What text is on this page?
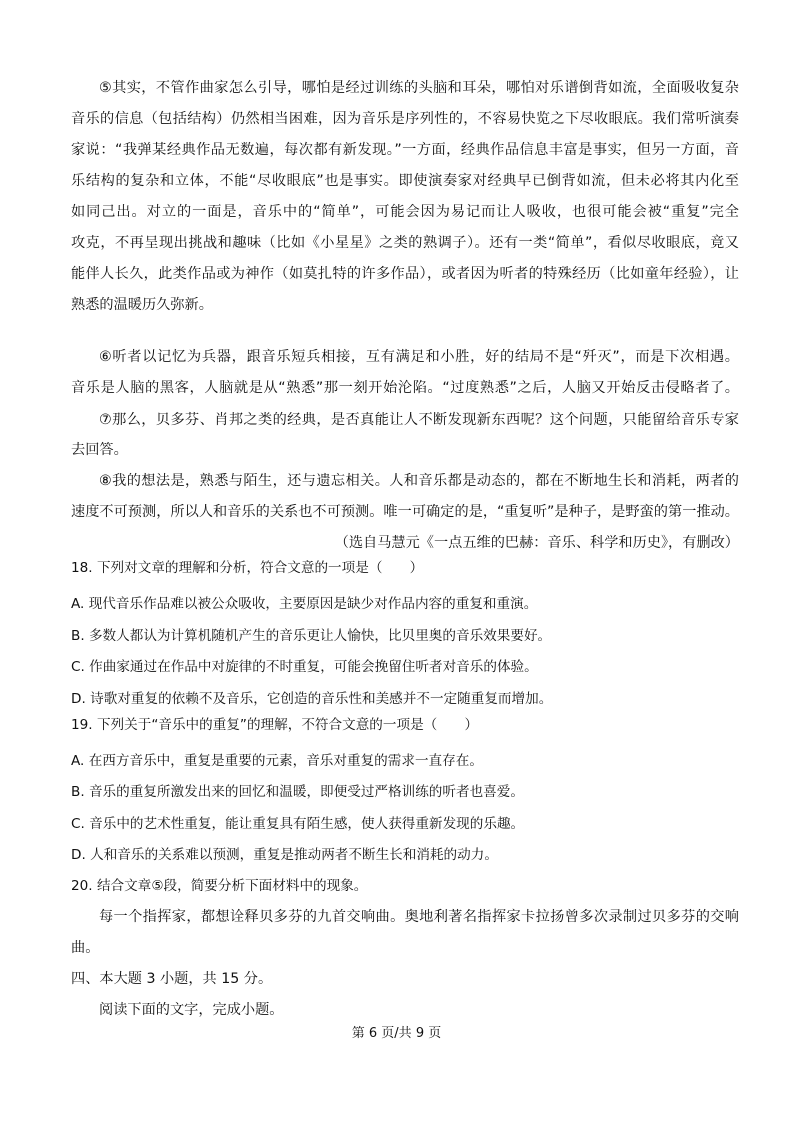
⑤其实，不管作曲家怎么引导，哪怕是经过训练的头脑和耳朵，哪怕对乐谱倒背如流，全面吸收复杂
音乐的信息（包括结构）仍然相当困难，因为音乐是序列性的，不容易快览之下尽收眼底。我们常听演奏
家说：“我弹某经典作品无数遍，每次都有新发现。”一方面，经典作品信息丰富是事实，但另一方面，音
乐结构的复杂和立体，不能“尽收眼底”也是事实。即使演奏家对经典早已倒背如流，但未必将其内化至
如同己出。对立的一面是，音乐中的“简单”，可能会因为易记而让人吸收，也很可能会被“重复”完全
攻克，不再呈现出挑战和趣味（比如《小星星》之类的熟调子）。还有一类“简单”，看似尽收眼底，竟又
能伴人长久，此类作品或为神作（如莫扎特的许多作品），或者因为听者的特殊经历（比如童年经验），让
熟悉的温暖历久弥新。
⑥听者以记忆为兵器，跟音乐短兵相接，互有满足和小胜，好的结局不是“歼灭”，而是下次相遇。
音乐是人脑的黑客，人脑就是从“熟悉”那一刻开始沦陷。“过度熟悉”之后，人脑又开始反击侵略者了。
⑦那么，贝多芬、肖邦之类的经典，是否真能让人不断发现新东西呢？这个问题，只能留给音乐专家
去回答。
⑧我的想法是，熟悉与陌生，还与遗忘相关。人和音乐都是动态的，都在不断地生长和消耗，两者的
速度不可预测，所以人和音乐的关系也不可预测。唯一可确定的是，“重复听”是种子，是野蛮的第一推动。
（选自马慧元《一点五维的巴赫：音乐、科学和历史》，有删改）
18. 下列对文章的理解和分析，符合文意的一项是（　　）
A. 现代音乐作品难以被公众吸收，主要原因是缺少对作品内容的重复和重演。
B. 多数人都认为计算机随机产生的音乐更让人愉快，比贝里奥的音乐效果要好。
C. 作曲家通过在作品中对旋律的不时重复，可能会挽留住听者对音乐的体验。
D. 诗歌对重复的依赖不及音乐，它创造的音乐性和美感并不一定随重复而增加。
19. 下列关于“音乐中的重复”的理解，不符合文意的一项是（　　）
A. 在西方音乐中，重复是重要的元素，音乐对重复的需求一直存在。
B. 音乐的重复所激发出来的回忆和温暖，即便受过严格训练的听者也喜爱。
C. 音乐中的艺术性重复，能让重复具有陌生感，使人获得重新发现的乐趣。
D. 人和音乐的关系难以预测，重复是推动两者不断生长和消耗的动力。
20. 结合文章⑤段，简要分析下面材料中的现象。
每一个指挥家，都想诠释贝多芬的九首交响曲。奥地利著名指挥家卡拉扬曾多次录制过贝多芬的交响
曲。
四、本大题 3 小题，共 15 分。
阅读下面的文字，完成小题。
第 6 页/共 9 页
